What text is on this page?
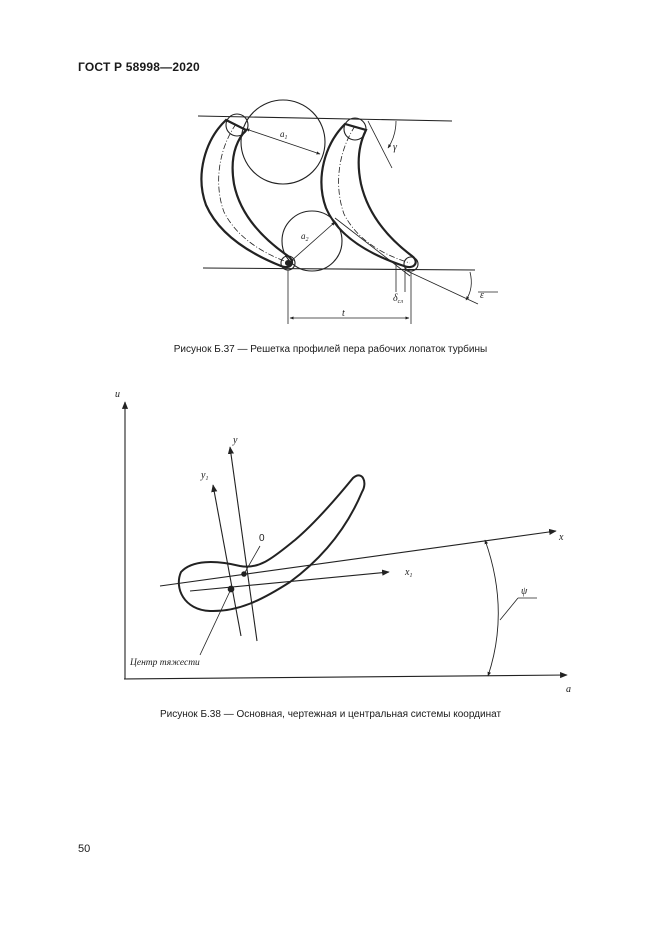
ГОСТ Р 58998—2020
$a_1$
$a_2$
γ
ε
$\delta_{сл}$
t
u
a
x
$x_1$
y
$y_1$
0
ψ
Центр тяжести
Рисунок Б.37 — Решетка профилей пера рабочих лопаток турбины
Рисунок Б.38 — Основная, чертежная и центральная системы координат
50
